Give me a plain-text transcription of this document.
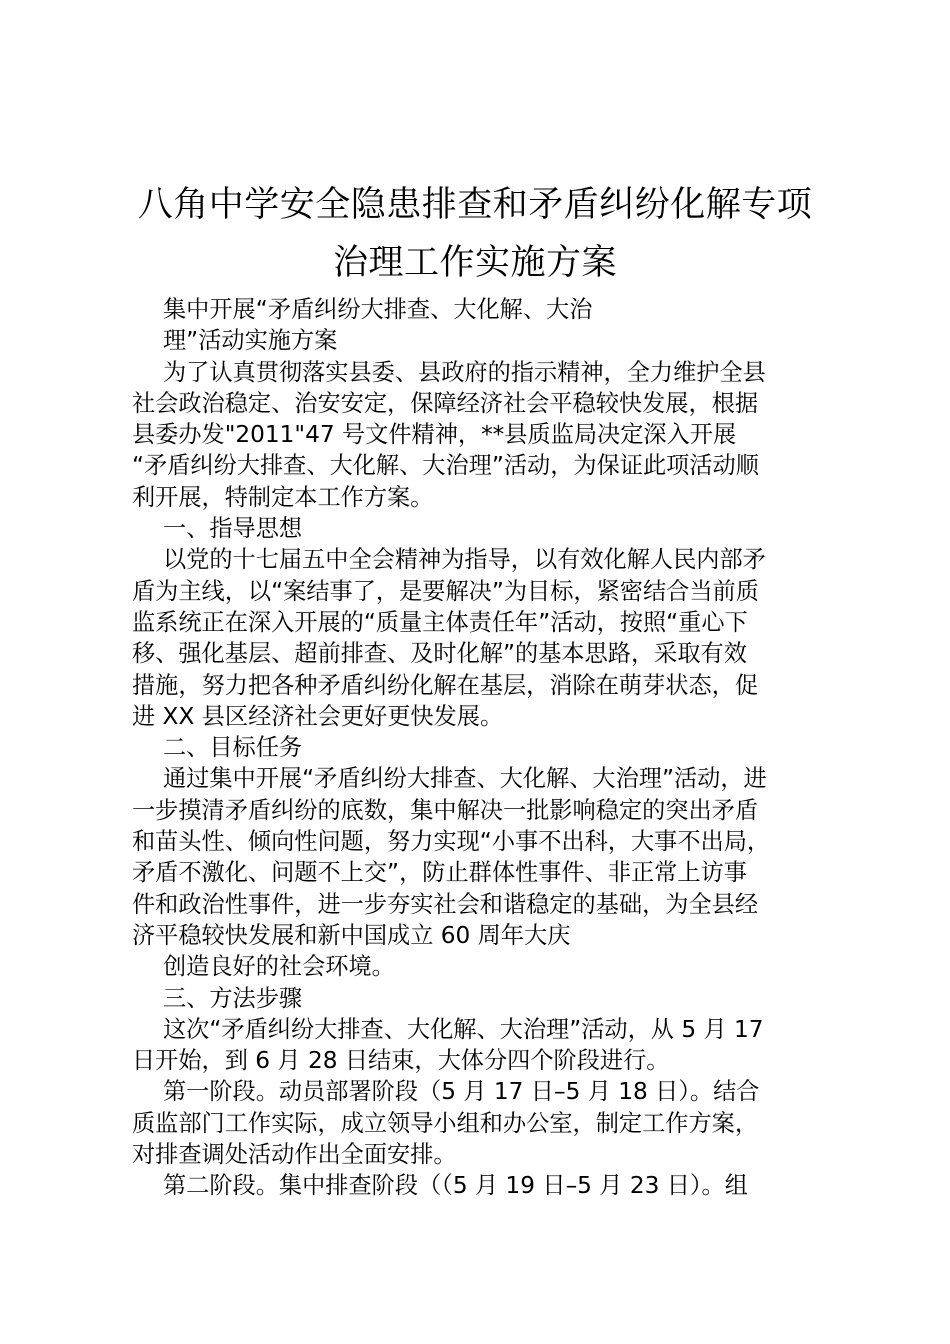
八角中学安全隐患排查和矛盾纠纷化解专项
治理工作实施方案
集中开展“矛盾纠纷大排查、大化解、大治
理”活动实施方案
为了认真贯彻落实县委、县政府的指示精神，全力维护全县
社会政治稳定、治安安定，保障经济社会平稳较快发展，根据
县委办发"2011"47 号文件精神，**县质监局决定深入开展
“矛盾纠纷大排查、大化解、大治理”活动，为保证此项活动顺
利开展，特制定本工作方案。
一、指导思想
以党的十七届五中全会精神为指导，以有效化解人民内部矛
盾为主线，以“案结事了，是要解决”为目标，紧密结合当前质
监系统正在深入开展的“质量主体责任年”活动，按照“重心下
移、强化基层、超前排查、及时化解”的基本思路，采取有效
措施，努力把各种矛盾纠纷化解在基层，消除在萌芽状态，促
进 XX 县区经济社会更好更快发展。
二、目标任务
通过集中开展“矛盾纠纷大排查、大化解、大治理”活动，进
一步摸清矛盾纠纷的底数，集中解决一批影响稳定的突出矛盾
和苗头性、倾向性问题，努力实现“小事不出科，大事不出局，
矛盾不激化、问题不上交”，防止群体性事件、非正常上访事
件和政治性事件，进一步夯实社会和谐稳定的基础，为全县经
济平稳较快发展和新中国成立 60 周年大庆
创造良好的社会环境。
三、方法步骤
这次“矛盾纠纷大排查、大化解、大治理”活动，从 5 月 17
日开始，到 6 月 28 日结束，大体分四个阶段进行。
第一阶段。动员部署阶段（5 月 17 日–5 月 18 日）。结合
质监部门工作实际，成立领导小组和办公室，制定工作方案，
对排查调处活动作出全面安排。
第二阶段。集中排查阶段（（5 月 19 日–5 月 23 日）。组
